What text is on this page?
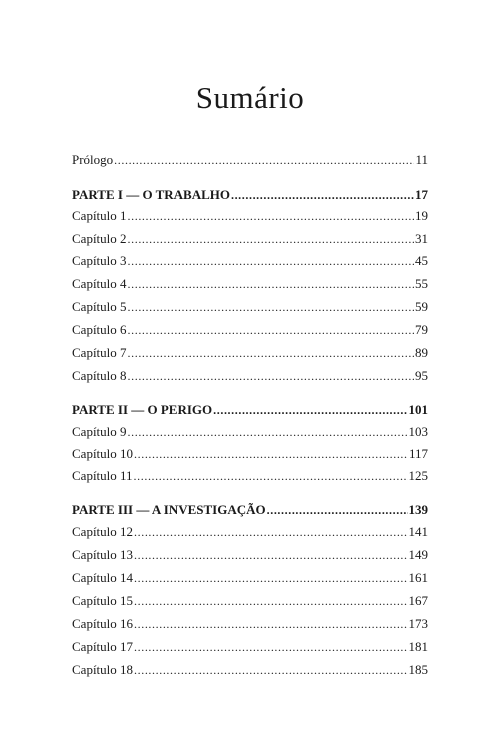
Sumário
Prólogo .....	11
PARTE I — O TRABALHO .....	17
Capítulo 1 .....	19
Capítulo 2 .....	31
Capítulo 3 .....	45
Capítulo 4 .....	55
Capítulo 5 .....	59
Capítulo 6 .....	79
Capítulo 7 .....	89
Capítulo 8 .....	95
PARTE II — O PERIGO .....	101
Capítulo 9 .....	103
Capítulo 10 .....	117
Capítulo 11 .....	125
PARTE III — A INVESTIGAÇÃO .....	139
Capítulo 12 .....	141
Capítulo 13 .....	149
Capítulo 14 .....	161
Capítulo 15 .....	167
Capítulo 16 .....	173
Capítulo 17 .....	181
Capítulo 18 .....	185
